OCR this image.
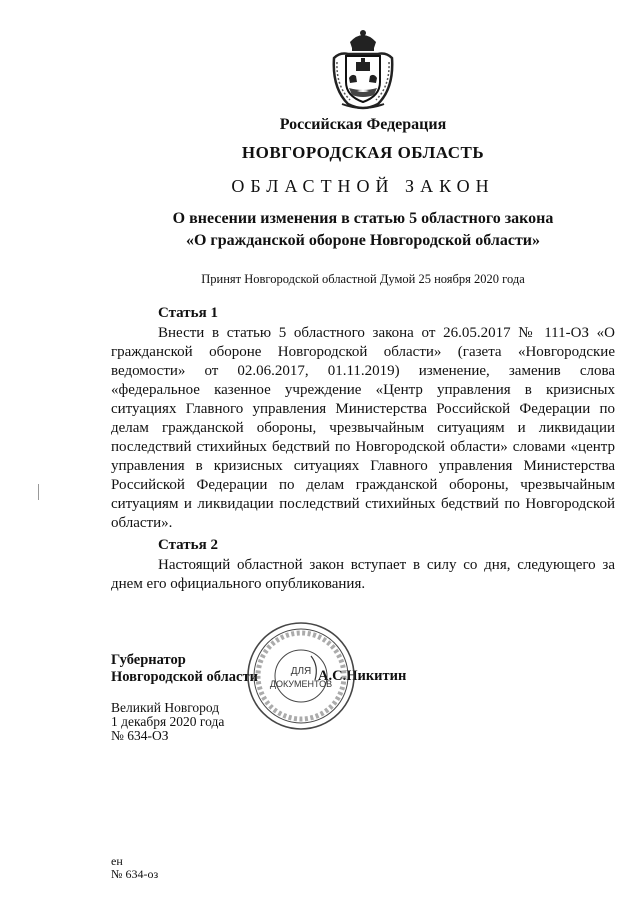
Российская Федерация
НОВГОРОДСКАЯ ОБЛАСТЬ
ОБЛАСТНОЙ ЗАКОН
О внесении изменения в статью 5 областного закона
«О гражданской обороне Новгородской области»
Принят Новгородской областной Думой 25 ноября 2020 года
Статья 1

Внести в статью 5 областного закона от 26.05.2017 № 111-ОЗ «О гражданской обороне Новгородской области» (газета «Новгородские ведомости» от 02.06.2017, 01.11.2019) изменение, заменив слова «федеральное казенное учреждение «Центр управления в кризисных ситуациях Главного управления Министерства Российской Федерации по делам гражданской обороны, чрезвычайным ситуациям и ликвидации последствий стихийных бедствий по Новгородской области» словами «центр управления в кризисных ситуациях Главного управления Министерства Российской Федерации по делам гражданской обороны, чрезвычайным ситуациям и ликвидации последствий стихийных бедствий по Новгородской области».

Статья 2

Настоящий областной закон вступает в силу со дня, следующего за днем его официального опубликования.

Губернатор
Новгородской области	А.С.Никитин
ДЛЯ
ДОКУМЕНТОВ
Великий Новгород
1 декабря 2020 года
№ 634-ОЗ
ен
№ 634-оз
